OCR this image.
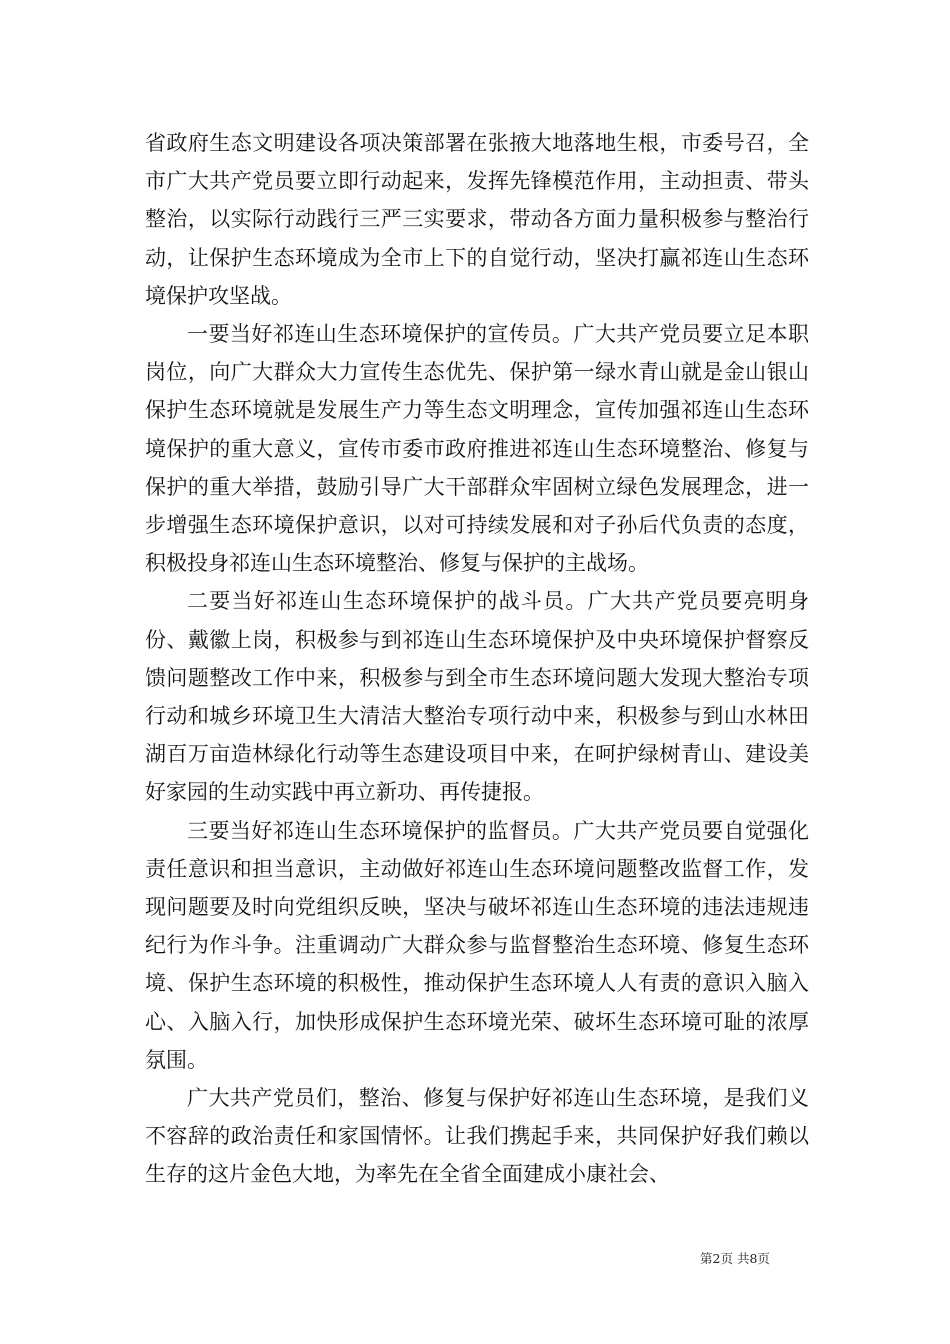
省政府生态文明建设各项决策部署在张掖大地落地生根，市委号召，全市广大共产党员要立即行动起来，发挥先锋模范作用，主动担责、带头整治，以实际行动践行三严三实要求，带动各方面力量积极参与整治行动，让保护生态环境成为全市上下的自觉行动，坚决打赢祁连山生态环境保护攻坚战。

一要当好祁连山生态环境保护的宣传员。广大共产党员要立足本职岗位，向广大群众大力宣传生态优先、保护第一绿水青山就是金山银山保护生态环境就是发展生产力等生态文明理念，宣传加强祁连山生态环境保护的重大意义，宣传市委市政府推进祁连山生态环境整治、修复与保护的重大举措，鼓励引导广大干部群众牢固树立绿色发展理念，进一步增强生态环境保护意识，以对可持续发展和对子孙后代负责的态度，积极投身祁连山生态环境整治、修复与保护的主战场。

二要当好祁连山生态环境保护的战斗员。广大共产党员要亮明身份、戴徽上岗，积极参与到祁连山生态环境保护及中央环境保护督察反馈问题整改工作中来，积极参与到全市生态环境问题大发现大整治专项行动和城乡环境卫生大清洁大整治专项行动中来，积极参与到山水林田湖百万亩造林绿化行动等生态建设项目中来，在呵护绿树青山、建设美好家园的生动实践中再立新功、再传捷报。

三要当好祁连山生态环境保护的监督员。广大共产党员要自觉强化责任意识和担当意识，主动做好祁连山生态环境问题整改监督工作，发现问题要及时向党组织反映，坚决与破坏祁连山生态环境的违法违规违纪行为作斗争。注重调动广大群众参与监督整治生态环境、修复生态环境、保护生态环境的积极性，推动保护生态环境人人有责的意识入脑入心、入脑入行，加快形成保护生态环境光荣、破坏生态环境可耻的浓厚氛围。

广大共产党员们，整治、修复与保护好祁连山生态环境，是我们义不容辞的政治责任和家国情怀。让我们携起手来，共同保护好我们赖以生存的这片金色大地，为率先在全省全面建成小康社会、

第2页 共8页
